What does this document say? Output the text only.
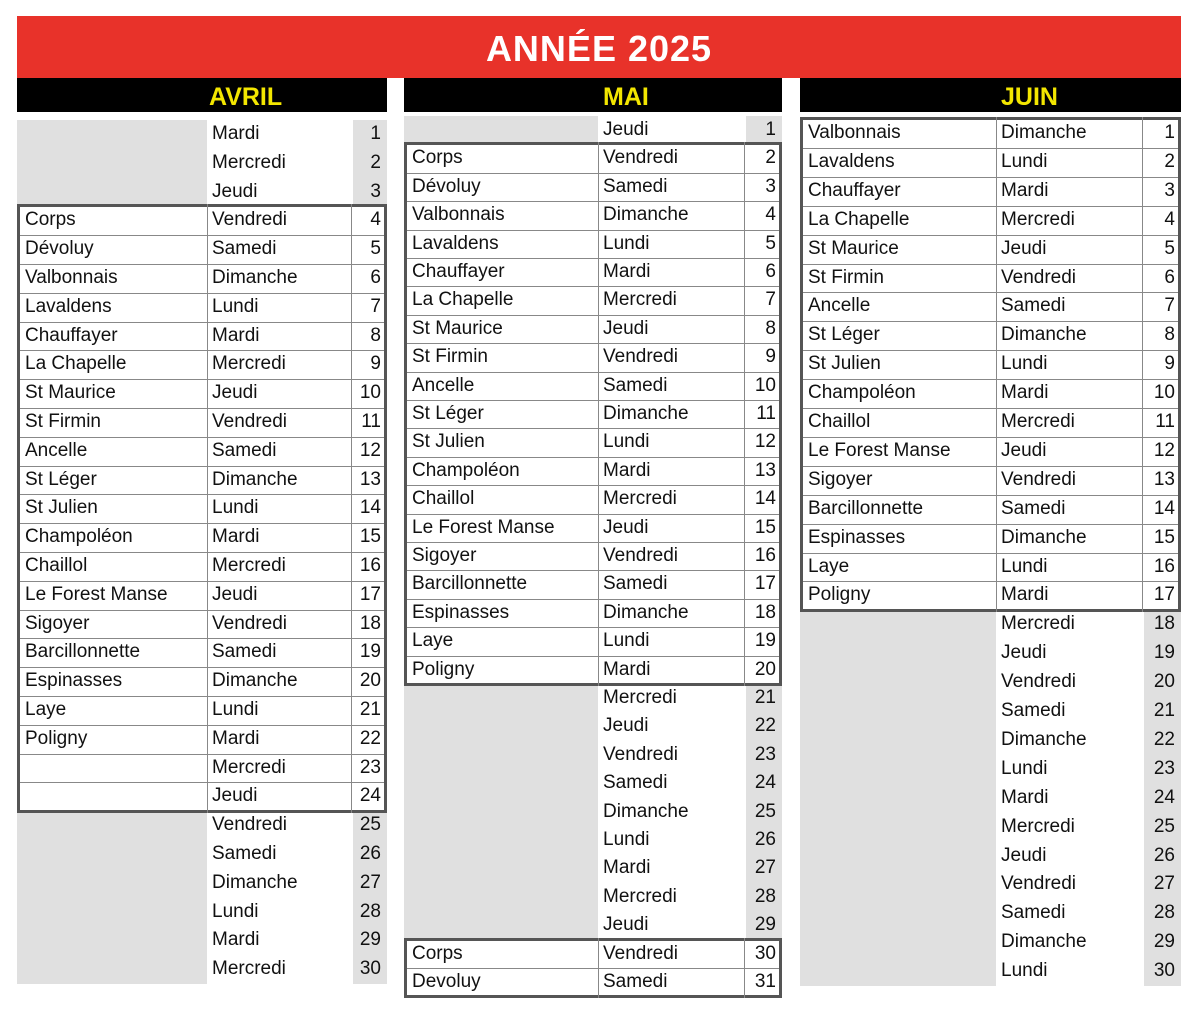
ANNÉE 2025
AVRIL
Mardi	1
Mercredi	2
Jeudi	3
Corps	Vendredi	4
Dévoluy	Samedi	5
Valbonnais	Dimanche	6
Lavaldens	Lundi	7
Chauffayer	Mardi	8
La Chapelle	Mercredi	9
St Maurice	Jeudi	10
St Firmin	Vendredi	11
Ancelle	Samedi	12
St Léger	Dimanche	13
St Julien	Lundi	14
Champoléon	Mardi	15
Chaillol	Mercredi	16
Le Forest Manse Jeudi	17
Sigoyer	Vendredi	18
Barcillonnette	Samedi	19
Espinasses	Dimanche	20
Laye	Lundi	21
Poligny	Mardi	22
Mercredi	23
Jeudi	24
Vendredi	25
Samedi	26
Dimanche	27
Lundi	28
Mardi	29
Mercredi	30
MAI
Jeudi	1
Corps	Vendredi	2
Dévoluy	Samedi	3
Valbonnais	Dimanche	4
Lavaldens	Lundi	5
Chauffayer	Mardi	6
La Chapelle	Mercredi	7
St Maurice	Jeudi	8
St Firmin	Vendredi	9
Ancelle	Samedi	10
St Léger	Dimanche	11
St Julien	Lundi	12
Champoléon	Mardi	13
Chaillol	Mercredi	14
Le Forest Manse	Jeudi	15
Sigoyer	Vendredi	16
Barcillonnette	Samedi	17
Espinasses	Dimanche	18
Laye	Lundi	19
Poligny	Mardi	20
Mercredi	21
Jeudi	22
Vendredi	23
Samedi	24
Dimanche	25
Lundi	26
Mardi	27
Mercredi	28
Jeudi	29
Corps	Vendredi	30
Devoluy	Samedi	31
JUIN
Valbonnais	Dimanche	1
Lavaldens	Lundi	2
Chauffayer	Mardi	3
La Chapelle	Mercredi	4
St Maurice	Jeudi	5
St Firmin	Vendredi	6
Ancelle	Samedi	7
St Léger	Dimanche	8
St Julien	Lundi	9
Champoléon	Mardi	10
Chaillol	Mercredi	11
Le Forest Manse	Jeudi	12
Sigoyer	Vendredi	13
Barcillonnette	Samedi	14
Espinasses	Dimanche	15
Laye	Lundi	16
Poligny	Mardi	17
Mercredi	18
Jeudi	19
Vendredi	20
Samedi	21
Dimanche	22
Lundi	23
Mardi	24
Mercredi	25
Jeudi	26
Vendredi	27
Samedi	28
Dimanche	29
Lundi	30
